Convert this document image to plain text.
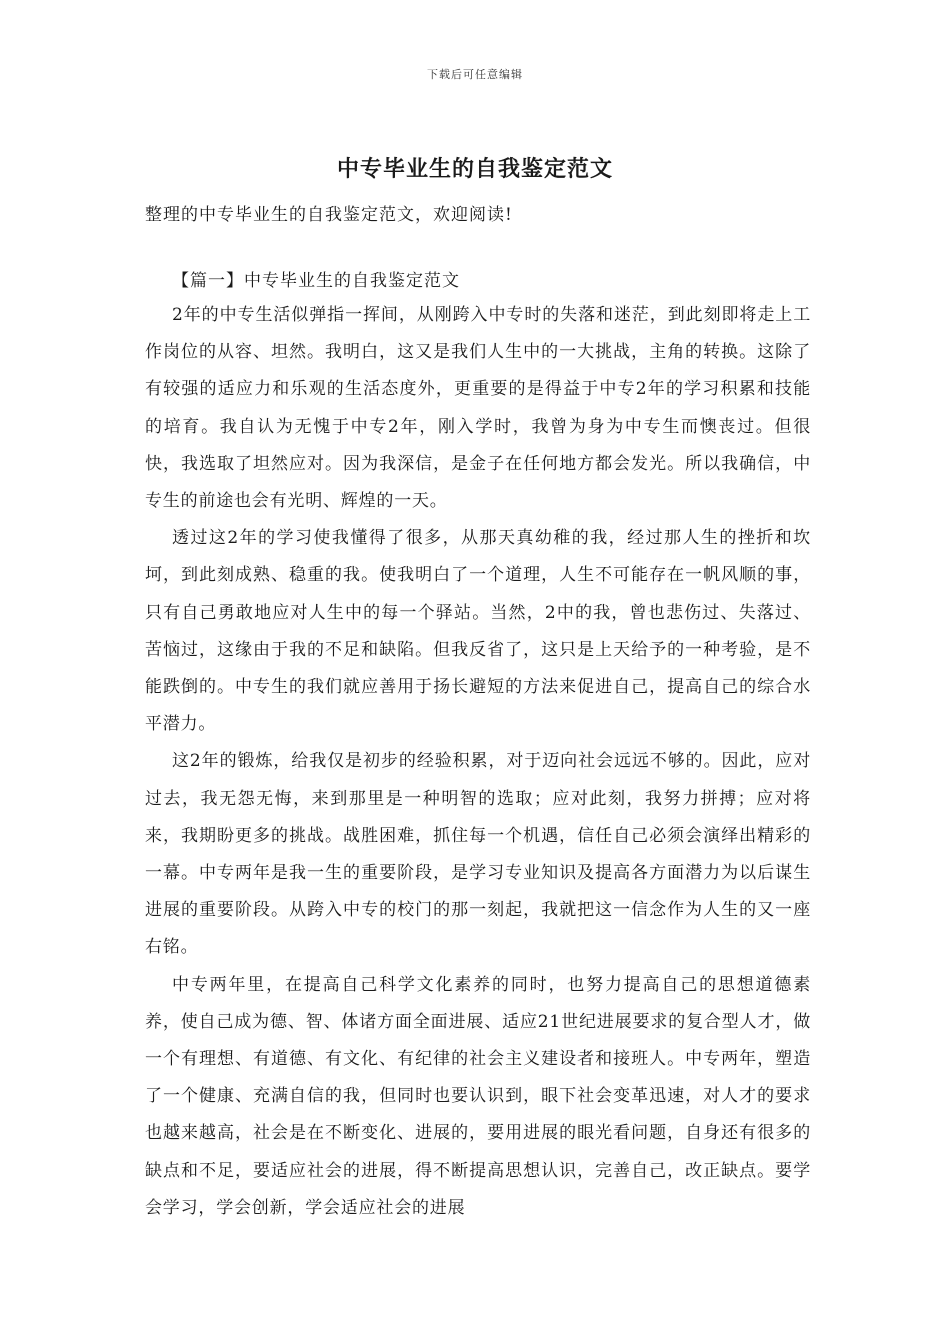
下载后可任意编辑
中专毕业生的自我鉴定范文
整理的中专毕业生的自我鉴定范文，欢迎阅读!
【篇一】中专毕业生的自我鉴定范文

2年的中专生活似弹指一挥间，从刚跨入中专时的失落和迷茫，到此刻即将走上工作岗位的从容、坦然。我明白，这又是我们人生中的一大挑战，主角的转换。这除了有较强的适应力和乐观的生活态度外，更重要的是得益于中专2年的学习积累和技能的培育。我自认为无愧于中专2年，刚入学时，我曾为身为中专生而懊丧过。但很快，我选取了坦然应对。因为我深信，是金子在任何地方都会发光。所以我确信，中专生的前途也会有光明、辉煌的一天。

透过这2年的学习使我懂得了很多，从那天真幼稚的我，经过那人生的挫折和坎坷，到此刻成熟、稳重的我。使我明白了一个道理，人生不可能存在一帆风顺的事，只有自己勇敢地应对人生中的每一个驿站。当然，2中的我，曾也悲伤过、失落过、苦恼过，这缘由于我的不足和缺陷。但我反省了，这只是上天给予的一种考验，是不能跌倒的。中专生的我们就应善用于扬长避短的方法来促进自己，提高自己的综合水平潜力。

这2年的锻炼，给我仅是初步的经验积累，对于迈向社会远远不够的。因此，应对过去，我无怨无悔，来到那里是一种明智的选取；应对此刻，我努力拼搏；应对将来，我期盼更多的挑战。战胜困难，抓住每一个机遇，信任自己必须会演绎出精彩的一幕。中专两年是我一生的重要阶段，是学习专业知识及提高各方面潜力为以后谋生进展的重要阶段。从跨入中专的校门的那一刻起，我就把这一信念作为人生的又一座右铭。

中专两年里，在提高自己科学文化素养的同时，也努力提高自己的思想道德素养，使自己成为德、智、体诸方面全面进展、适应21世纪进展要求的复合型人才，做一个有理想、有道德、有文化、有纪律的社会主义建设者和接班人。中专两年，塑造了一个健康、充满自信的我，但同时也要认识到，眼下社会变革迅速，对人才的要求也越来越高，社会是在不断变化、进展的，要用进展的眼光看问题，自身还有很多的缺点和不足，要适应社会的进展，得不断提高思想认识，完善自己，改正缺点。要学会学习，学会创新，学会适应社会的进展
